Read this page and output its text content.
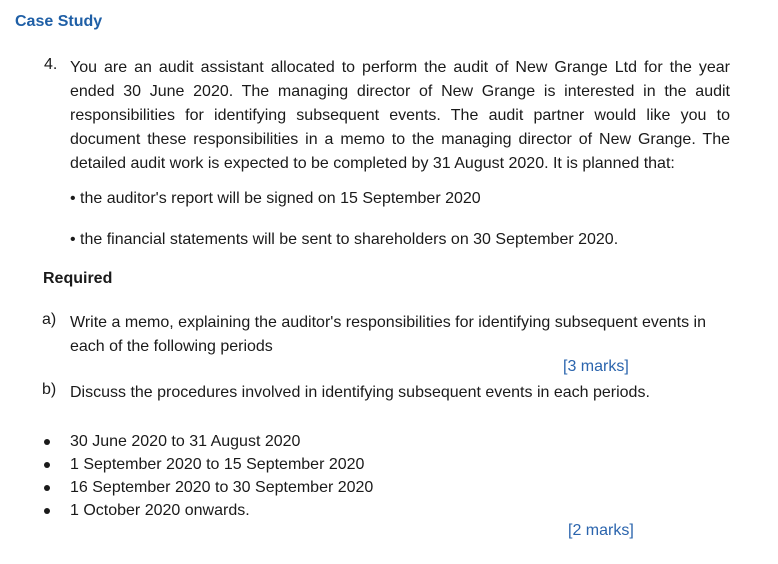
Case Study
4. You are an audit assistant allocated to perform the audit of New Grange Ltd for the year ended 30 June 2020. The managing director of New Grange is interested in the audit responsibilities for identifying subsequent events. The audit partner would like you to document these responsibilities in a memo to the managing director of New Grange. The detailed audit work is expected to be completed by 31 August 2020. It is planned that:
• the auditor's report will be signed on 15 September 2020
• the financial statements will be sent to shareholders on 30 September 2020.
Required
a) Write a memo, explaining the auditor's responsibilities for identifying subsequent events in each of the following periods
[3 marks]
b) Discuss the procedures involved in identifying subsequent events in each periods.
30 June 2020 to 31 August 2020
1 September 2020 to 15 September 2020
16 September 2020 to 30 September 2020
1 October 2020 onwards.
[2 marks]
